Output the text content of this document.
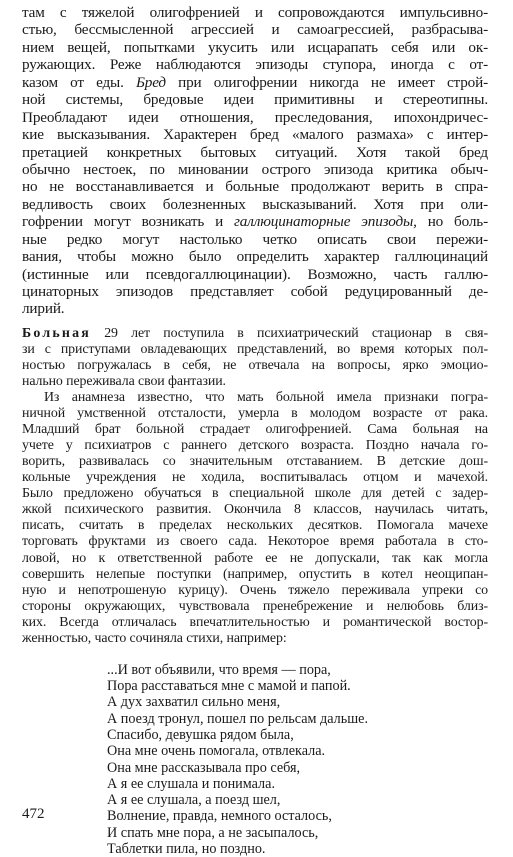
там с тяжелой олигофренией и сопровождаются импульсивно-
стью, бессмысленной агрессией и самоагрессией, разбрасыва-
нием вещей, попытками укусить или исцарапать себя или ок-
ружающих. Реже наблюдаются эпизоды ступора, иногда с от-
казом от еды. Бред при олигофрении никогда не имеет строй-
ной системы, бредовые идеи примитивны и стереотипны.
Преобладают идеи отношения, преследования, ипохондричес-
кие высказывания. Характерен бред «малого размаха» с интер-
претацией конкретных бытовых ситуаций. Хотя такой бред
обычно нестоек, по миновании острого эпизода критика обыч-
но не восстанавливается и больные продолжают верить в спра-
ведливость своих болезненных высказываний. Хотя при оли-
гофрении могут возникать и галлюцинаторные эпизоды, но боль-
ные редко могут настолько четко описать свои пережи-
вания, чтобы можно было определить характер галлюцинаций
(истинные или псевдогаллюцинации). Возможно, часть галлю-
цинаторных эпизодов представляет собой редуцированный де-
лирий.
Больная 29 лет поступила в психиатрический стационар в свя-
зи с приступами овладевающих представлений, во время которых пол-
ностью погружалась в себя, не отвечала на вопросы, ярко эмоцио-
нально переживала свои фантазии.
Из анамнеза известно, что мать больной имела признаки погра-
ничной умственной отсталости, умерла в молодом возрасте от рака.
Младший брат больной страдает олигофренией. Сама больная на
учете у психиатров с раннего детского возраста. Поздно начала го-
ворить, развивалась со значительным отставанием. В детские дош-
кольные учреждения не ходила, воспитывалась отцом и мачехой.
Было предложено обучаться в специальной школе для детей с задер-
жкой психического развития. Окончила 8 классов, научилась читать,
писать, считать в пределах нескольких десятков. Помогала мачехе
торговать фруктами из своего сада. Некоторое время работала в сто-
ловой, но к ответственной работе ее не допускали, так как могла
совершить нелепые поступки (например, опустить в котел неощипан-
ную и непотрошеную курицу). Очень тяжело переживала упреки со
стороны окружающих, чувствовала пренебрежение и нелюбовь близ-
ких. Всегда отличалась впечатлительностью и романтической востор-
женностью, часто сочиняла стихи, например:
...И вот объявили, что время — пора,
Пора расставаться мне с мамой и папой.
А дух захватил сильно меня,
А поезд тронул, пошел по рельсам дальше.
Спасибо, девушка рядом была,
Она мне очень помогала, отвлекала.
Она мне рассказывала про себя,
А я ее слушала и понимала.
А я ее слушала, а поезд шел,
Волнение, правда, немного осталось,
И спать мне пора, а не засыпалось,
Таблетки пила, но поздно.
472
